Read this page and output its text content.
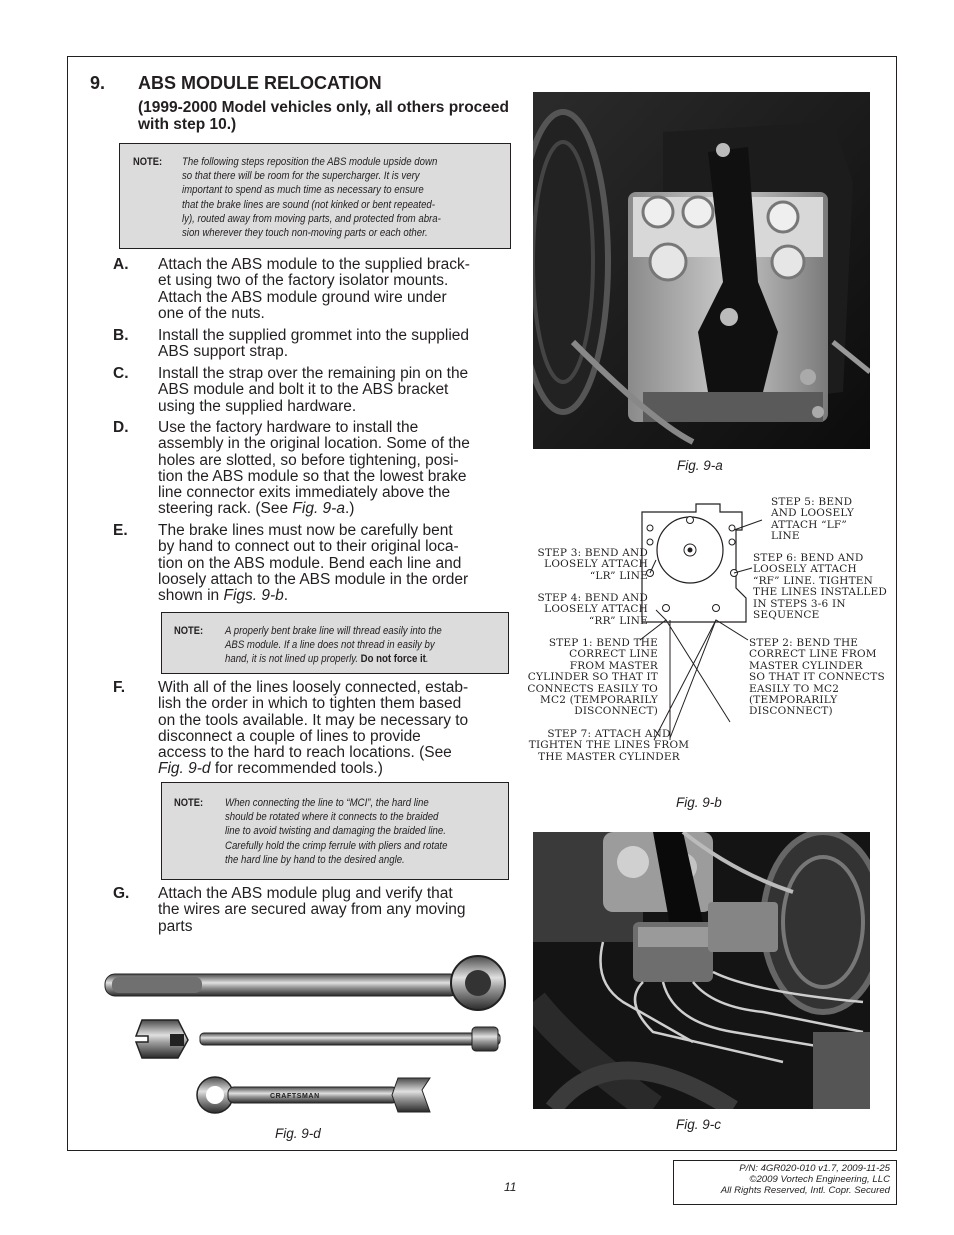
9. ABS MODULE RELOCATION
(1999-2000 Model vehicles only, all others proceed with step 10.)
NOTE: The following steps reposition the ABS module upside down
so that there will be room for the supercharger. It is very
important to spend as much time as necessary to ensure
that the brake lines are sound (not kinked or bent repeated-
ly), routed away from moving parts, and protected from abra-
sion wherever they touch non-moving parts or each other.
A. Attach the ABS module to the supplied brack-
et using two of the factory isolator mounts.
Attach the ABS module ground wire under
one of the nuts.
B. Install the supplied grommet into the supplied
ABS support strap.
C. Install the strap over the remaining pin on the
ABS module and bolt it to the ABS bracket
using the supplied hardware.
D. Use the factory hardware to install the
assembly in the original location. Some of the
holes are slotted, so before tightening, posi-
tion the ABS module so that the lowest brake
line connector exits immediately above the
steering rack. (See Fig. 9-a.)
E. The brake lines must now be carefully bent
by hand to connect out to their original loca-
tion on the ABS module. Bend each line and
loosely attach to the ABS module in the order
shown in Figs. 9-b.
NOTE: A properly bent brake line will thread easily into the
ABS module. If a line does not thread in easily by
hand, it is not lined up properly. Do not force it.
F. With all of the lines loosely connected, estab-
lish the order in which to tighten them based
on the tools available. It may be necessary to
disconnect a couple of lines to provide
access to the hard to reach locations. (See
Fig. 9-d for recommended tools.)
NOTE: When connecting the line to “MCI”, the hard line
should be rotated where it connects to the braided
line to avoid twisting and damaging the braided line.
Carefully hold the crimp ferrule with pliers and rotate
the hard line by hand to the desired angle.
G. Attach the ABS module plug and verify that
the wires are secured away from any moving
parts
Fig. 9-a
STEP 5: BEND
AND LOOSELY
ATTACH “LF”
LINE
STEP 3: BEND AND
LOOSELY ATTACH
“LR” LINE
STEP 6: BEND AND
LOOSELY ATTACH
“RF” LINE. TIGHTEN
THE LINES INSTALLED
IN STEPS 3-6 IN
SEQUENCE
STEP 4: BEND AND
LOOSELY ATTACH
“RR” LINE
STEP 1: BEND THE
CORRECT LINE
FROM MASTER
CYLINDER SO THAT IT
CONNECTS EASILY TO
MC2 (TEMPORARILY
DISCONNECT)
STEP 2: BEND THE
CORRECT LINE FROM
MASTER CYLINDER
SO THAT IT CONNECTS
EASILY TO MC2
(TEMPORARILY
DISCONNECT)
STEP 7: ATTACH AND
TIGHTEN THE LINES FROM
THE MASTER CYLINDER
Fig. 9-b
Fig. 9-c
CRAFTSMAN
Fig. 9-d
11
P/N: 4GR020-010 v1.7, 2009-11-25
©2009 Vortech Engineering, LLC
All Rights Reserved, Intl. Copr. Secured
